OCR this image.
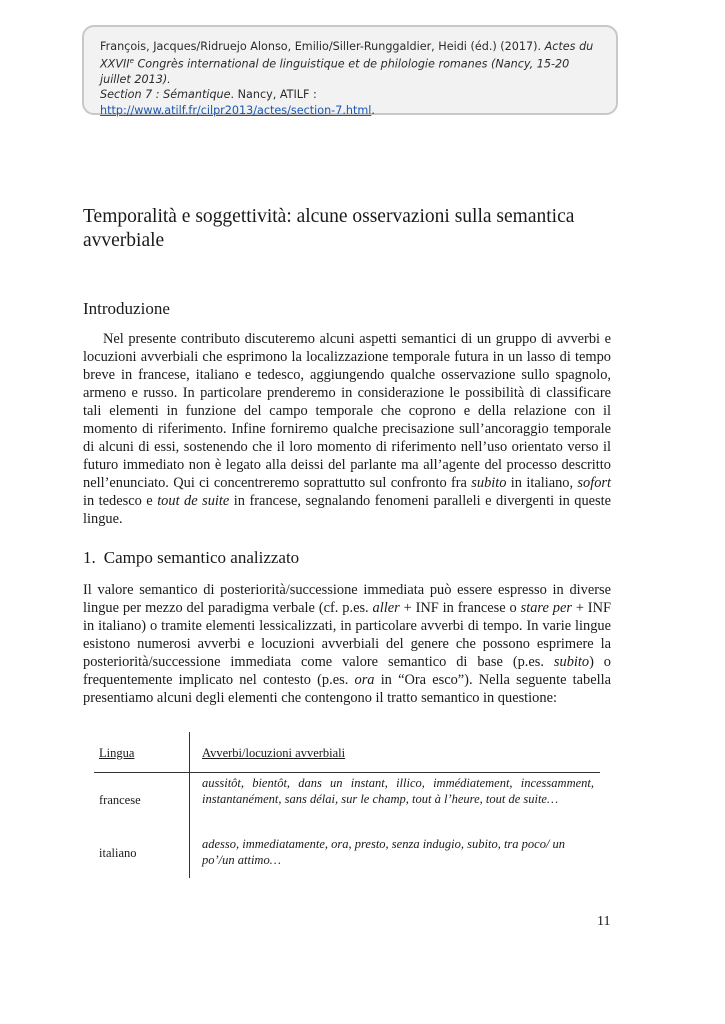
François, Jacques/Ridruejo Alonso, Emilio/Siller-Runggaldier, Heidi (éd.) (2017). Actes du
XXVIIe Congrès international de linguistique et de philologie romanes (Nancy, 15-20 juillet 2013).
Section 7 : Sémantique. Nancy, ATILF :
http://www.atilf.fr/cilpr2013/actes/section-7.html.
Temporalità e soggettività: alcune osservazioni sulla semantica avverbiale
Introduzione

Nel presente contributo discuteremo alcuni aspetti semantici di un gruppo di avverbi e locuzioni avverbiali che esprimono la localizzazione temporale futura in un lasso di tempo breve in francese, italiano e tedesco, aggiungendo qualche osservazione sullo spagnolo, armeno e russo. In particolare prenderemo in considerazione le possibilità di classificare tali elementi in funzione del campo temporale che coprono e della relazione con il momento di riferimento. Infine forniremo qualche precisazione sull’ancoraggio temporale di alcuni di essi, sostenendo che il loro momento di riferimento nell’uso orientato verso il futuro immediato non è legato alla deissi del parlante ma all’agente del processo descritto nell’enunciato. Qui ci concentreremo soprattutto sul confronto fra subito in italiano, sofort in tedesco e tout de suite in francese, segnalando fenomeni paralleli e divergenti in queste lingue.

1. Campo semantico analizzato

Il valore semantico di posteriorità/successione immediata può essere espresso in diverse lingue per mezzo del paradigma verbale (cf. p.es. aller + INF in francese o stare per + INF in italiano) o tramite elementi lessicalizzati, in particolare avverbi di tempo. In varie lingue esistono numerosi avverbi e locuzioni avverbiali del genere che possono esprimere la posteriorità/successione immediata come valore semantico di base (p.es. subito) o frequentemente implicato nel contesto (p.es. ora in “Ora esco”). Nella seguente tabella presentiamo alcuni degli elementi che contengono il tratto semantico in questione:

Lingua	Avverbi/locuzioni avverbiali
francese
aussitôt, bientôt, dans un instant, illico, immédiatement, incessamment, instantanément, sans délai, sur le champ, tout à l’heure, tout de suite…
italiano
adesso, immediatamente, ora, presto, senza indugio, subito, tra poco/ un po’/un attimo…
11
